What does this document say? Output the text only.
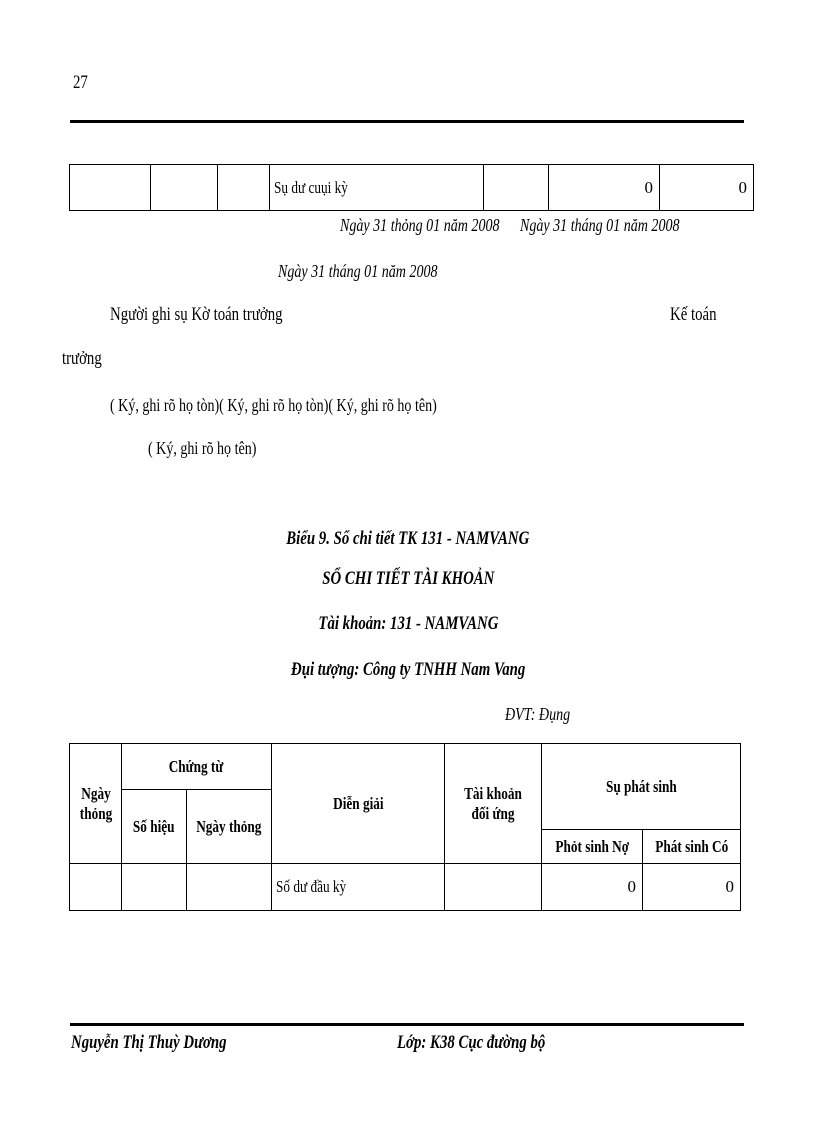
27
			Sụ dư cuụi kỳ		0	0
Ngày 31 thỏng 01 năm 2008	Ngày 31 tháng 01 năm 2008
Ngày 31 tháng 01 năm 2008
Người ghi sụ Kờ toán trưởng	Kế toán
trưởng
( Ký, ghi rõ họ tòn)( Ký, ghi rõ họ tòn)( Ký, ghi rõ họ tên)
( Ký, ghi rõ họ tên)
Biểu 9. Sổ chi tiết TK 131 - NAMVANG
SỔ CHI TIẾT TÀI KHOẢN
Tài khoản: 131 - NAMVANG
Đụi tượng: Công ty TNHH Nam Vang
ĐVT: Đụng
Ngày thỏng	Chứng từ		Diễn giải	Tài khoản đối ứng	Sụ phát sinh	
	Số hiệu	Ngày thỏng				
					Phỏt sinh Nợ	Phát sinh Có
			Số dư đầu kỳ		0	0
Nguyễn Thị Thuỳ Dương	Lớp: K38 Cục đường bộ
